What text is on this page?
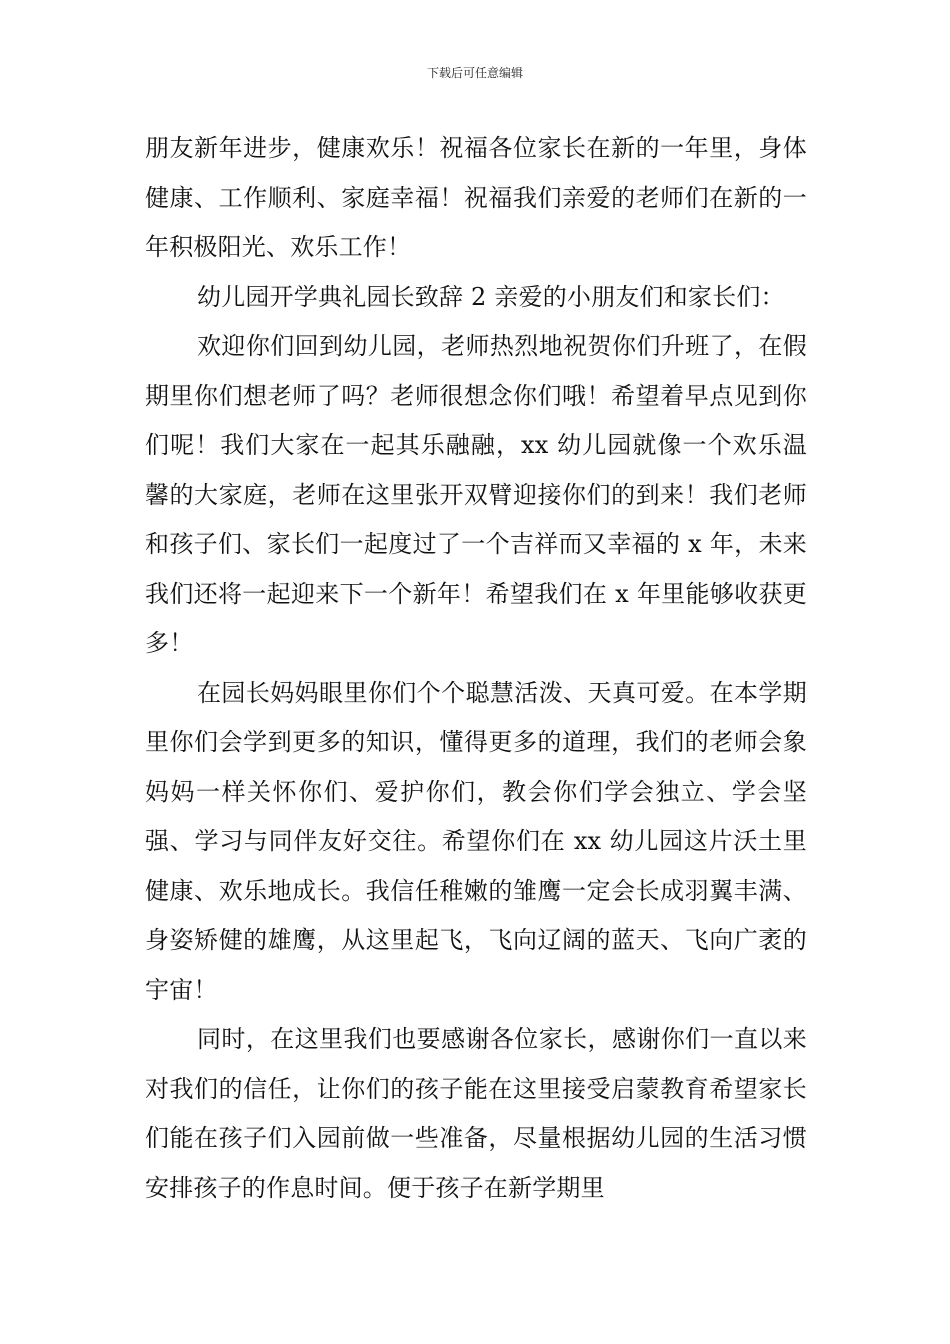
下载后可任意编辑

朋友新年进步，健康欢乐！祝福各位家长在新的一年里，身体健康、工作顺利、家庭幸福！祝福我们亲爱的老师们在新的一年积极阳光、欢乐工作！

幼儿园开学典礼园长致辞 2 亲爱的小朋友们和家长们：

欢迎你们回到幼儿园，老师热烈地祝贺你们升班了，在假期里你们想老师了吗？老师很想念你们哦！希望着早点见到你们呢！我们大家在一起其乐融融，xx 幼儿园就像一个欢乐温馨的大家庭，老师在这里张开双臂迎接你们的到来！我们老师和孩子们、家长们一起度过了一个吉祥而又幸福的 x 年，未来我们还将一起迎来下一个新年！希望我们在 x 年里能够收获更多！

在园长妈妈眼里你们个个聪慧活泼、天真可爱。在本学期里你们会学到更多的知识，懂得更多的道理，我们的老师会象妈妈一样关怀你们、爱护你们，教会你们学会独立、学会坚强、学习与同伴友好交往。希望你们在 xx 幼儿园这片沃土里健康、欢乐地成长。我信任稚嫩的雏鹰一定会长成羽翼丰满、身姿矫健的雄鹰，从这里起飞，飞向辽阔的蓝天、飞向广袤的宇宙！

同时，在这里我们也要感谢各位家长，感谢你们一直以来对我们的信任，让你们的孩子能在这里接受启蒙教育希望家长们能在孩子们入园前做一些准备，尽量根据幼儿园的生活习惯安排孩子的作息时间。便于孩子在新学期里
